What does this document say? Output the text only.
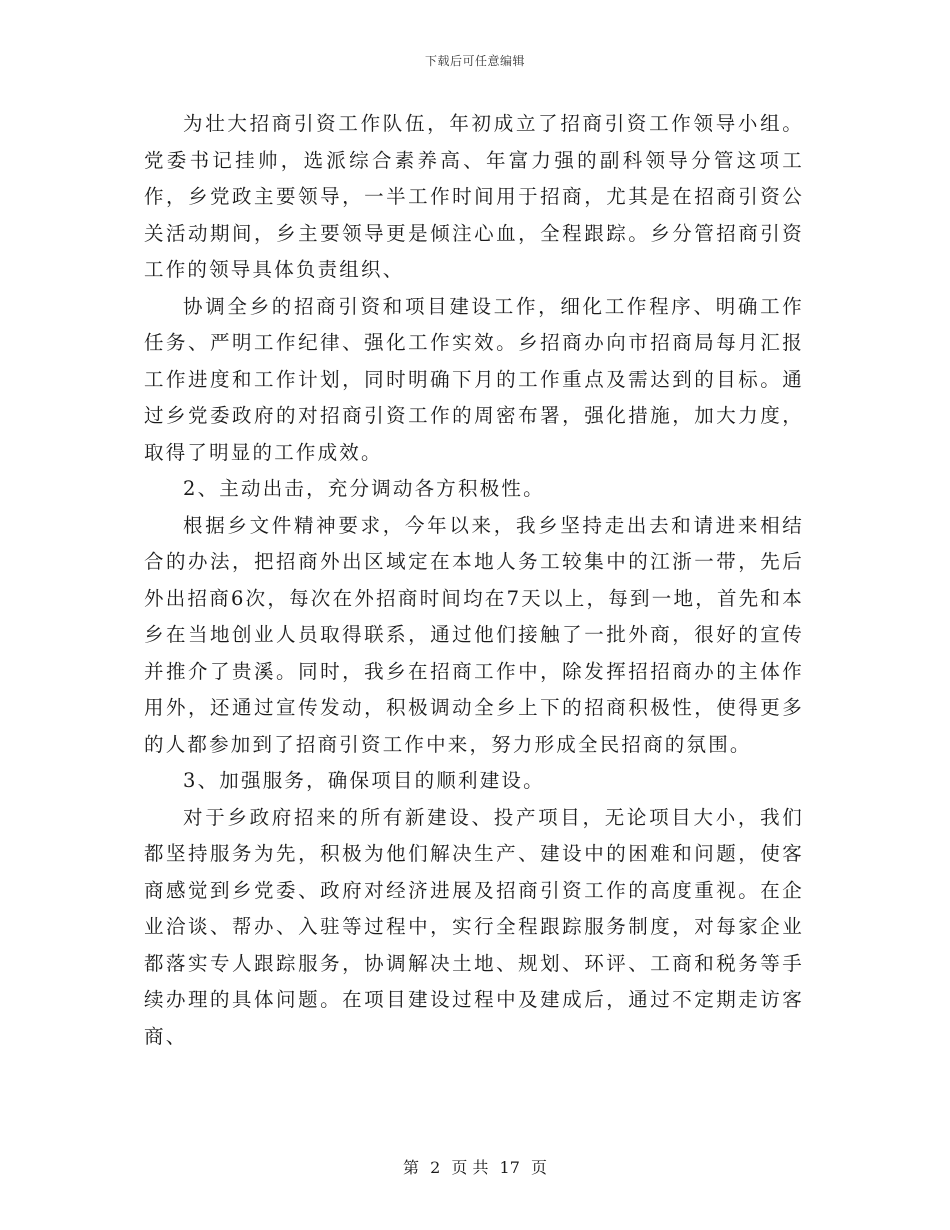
下载后可任意编辑

为壮大招商引资工作队伍，年初成立了招商引资工作领导小组。党委书记挂帅，选派综合素养高、年富力强的副科领导分管这项工作，乡党政主要领导，一半工作时间用于招商，尤其是在招商引资公关活动期间，乡主要领导更是倾注心血，全程跟踪。乡分管招商引资工作的领导具体负责组织、

协调全乡的招商引资和项目建设工作，细化工作程序、明确工作任务、严明工作纪律、强化工作实效。乡招商办向市招商局每月汇报工作进度和工作计划，同时明确下月的工作重点及需达到的目标。通过乡党委政府的对招商引资工作的周密布署，强化措施，加大力度，取得了明显的工作成效。

2、主动出击，充分调动各方积极性。

根据乡文件精神要求，今年以来，我乡坚持走出去和请进来相结合的办法，把招商外出区域定在本地人务工较集中的江浙一带，先后外出招商6次，每次在外招商时间均在7天以上，每到一地，首先和本乡在当地创业人员取得联系，通过他们接触了一批外商，很好的宣传并推介了贵溪。同时，我乡在招商工作中，除发挥招招商办的主体作用外，还通过宣传发动，积极调动全乡上下的招商积极性，使得更多的人都参加到了招商引资工作中来，努力形成全民招商的氛围。

3、加强服务，确保项目的顺利建设。

对于乡政府招来的所有新建设、投产项目，无论项目大小，我们都坚持服务为先，积极为他们解决生产、建设中的困难和问题，使客商感觉到乡党委、政府对经济进展及招商引资工作的高度重视。在企业洽谈、帮办、入驻等过程中，实行全程跟踪服务制度，对每家企业都落实专人跟踪服务，协调解决土地、规划、环评、工商和税务等手续办理的具体问题。在项目建设过程中及建成后，通过不定期走访客商、

第 2 页 共 17 页
